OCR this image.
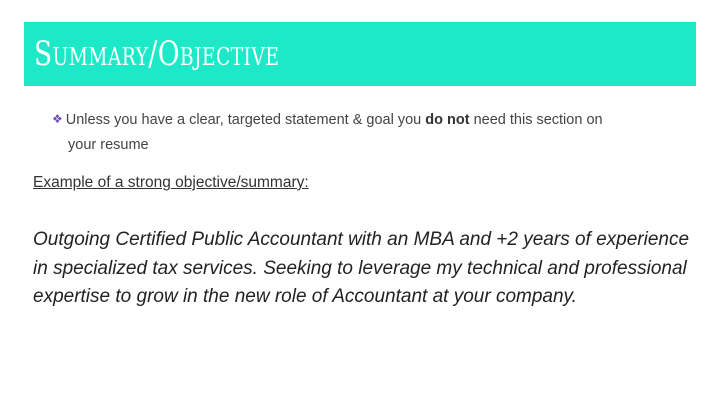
Summary/Objective
❖ Unless you have a clear, targeted statement & goal you do not need this section on
your resume
Example of a strong objective/summary:
Outgoing Certified Public Accountant with an MBA and +2 years of experience in specialized tax services. Seeking to leverage my technical and professional expertise to grow in the new role of Accountant at your company.
